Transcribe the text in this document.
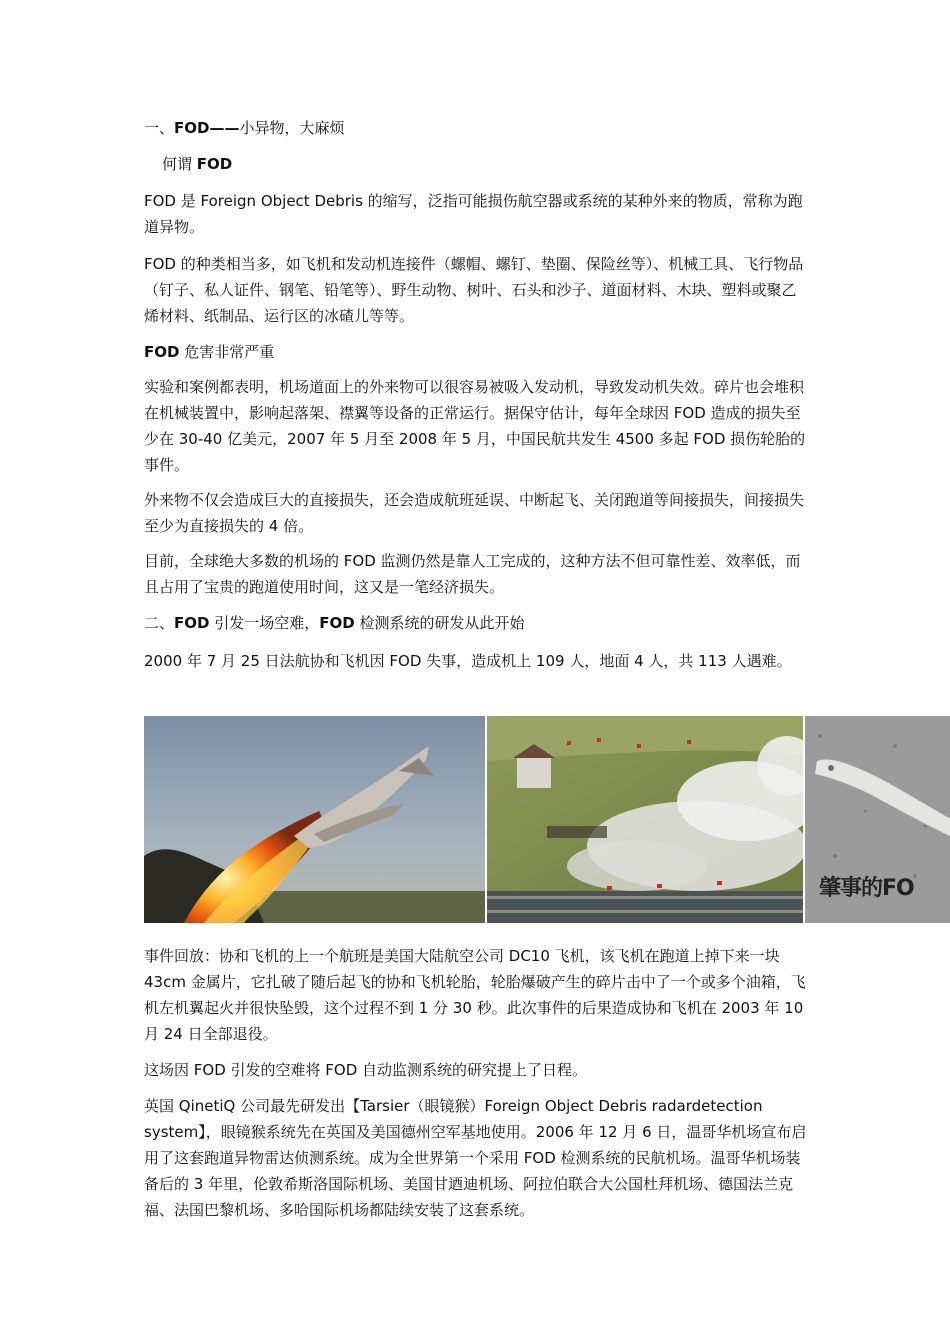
一、FOD——小异物，大麻烦

何谓 FOD

FOD 是 Foreign Object Debris 的缩写，泛指可能损伤航空器或系统的某种外来的物质，常称为跑道异物。

FOD 的种类相当多，如飞机和发动机连接件（螺帽、螺钉、垫圈、保险丝等）、机械工具、飞行物品（钉子、私人证件、钢笔、铅笔等）、野生动物、树叶、石头和沙子、道面材料、木块、塑料或聚乙烯材料、纸制品、运行区的冰碴儿等等。

FOD 危害非常严重

实验和案例都表明，机场道面上的外来物可以很容易被吸入发动机，导致发动机失效。碎片也会堆积在机械装置中，影响起落架、襟翼等设备的正常运行。据保守估计，每年全球因 FOD 造成的损失至少在 30-40 亿美元，2007 年 5 月至 2008 年 5 月，中国民航共发生 4500 多起 FOD 损伤轮胎的事件。

外来物不仅会造成巨大的直接损失，还会造成航班延误、中断起飞、关闭跑道等间接损失，间接损失至少为直接损失的 4 倍。

目前，全球绝大多数的机场的 FOD 监测仍然是靠人工完成的，这种方法不但可靠性差、效率低，而且占用了宝贵的跑道使用时间，这又是一笔经济损失。

二、FOD 引发一场空难，FOD 检测系统的研发从此开始

2000 年 7 月 25 日法航协和飞机因 FOD 失事，造成机上 109 人，地面 4 人，共 113 人遇难。

肇事的FO

事件回放：协和飞机的上一个航班是美国大陆航空公司 DC10 飞机，该飞机在跑道上掉下来一块 43cm 金属片，它扎破了随后起飞的协和飞机轮胎，轮胎爆破产生的碎片击中了一个或多个油箱，飞机左机翼起火并很快坠毁，这个过程不到 1 分 30 秒。此次事件的后果造成协和飞机在 2003 年 10 月 24 日全部退役。

这场因 FOD 引发的空难将 FOD 自动监测系统的研究提上了日程。

英国 QinetiQ 公司最先研发出【Tarsier（眼镜猴）Foreign Object Debris radardetection system】，眼镜猴系统先在英国及美国德州空军基地使用。2006 年 12 月 6 日，温哥华机场宣布启用了这套跑道异物雷达侦测系统。成为全世界第一个采用 FOD 检测系统的民航机场。温哥华机场装备后的 3 年里，伦敦希斯洛国际机场、美国甘迺迪机场、阿拉伯联合大公国杜拜机场、德国法兰克福、法国巴黎机场、多哈国际机场都陆续安装了这套系统。
